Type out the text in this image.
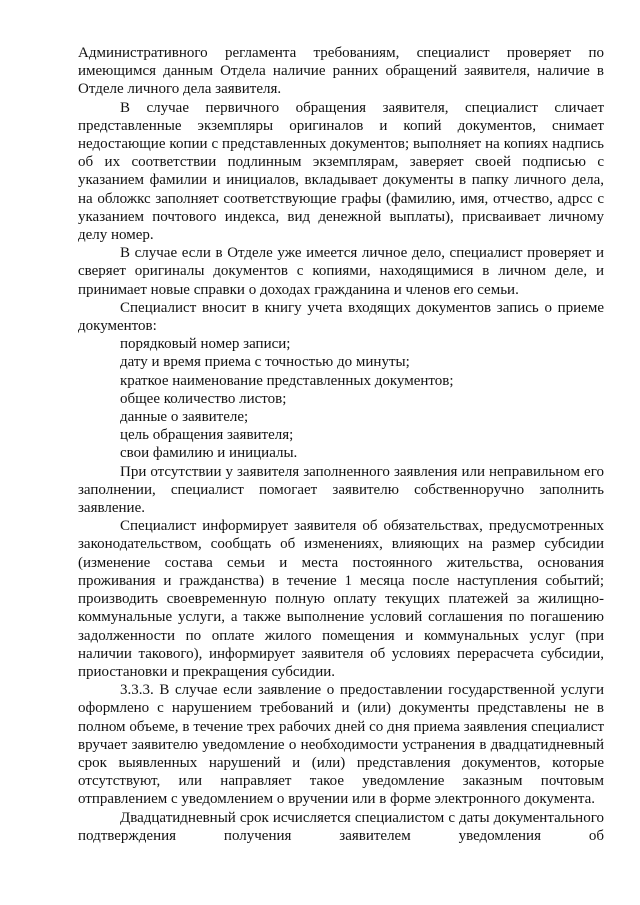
Административного регламента требованиям, специалист проверяет по имеющимся данным Отдела наличие ранних обращений заявителя, наличие в Отделе личного дела заявителя.

В случае первичного обращения заявителя, специалист сличает представленные экземпляры оригиналов и копий документов, снимает недостающие копии с представленных документов; выполняет на копиях надпись об их соответствии подлинным экземплярам, заверяет своей подписью с указанием фамилии и инициалов, вкладывает документы в папку личного дела, на обложкс заполняет соответствующие графы (фамилию, имя, отчество, адрсс с указанием почтового индекса, вид денежной выплаты), присваивает личному делу номер.

В случае если в Отделе уже имеется личное дело, специалист проверяет и сверяет оригиналы документов с копиями, находящимися в личном деле, и принимает новые справки о доходах гражданина и членов его семьи.

Специалист вносит в книгу учета входящих документов запись о приеме документов:

порядковый номер записи;

дату и время приема с точностью до минуты;

краткое наименование представленных документов;

общее количество листов;

данные о заявителе;

цель обращения заявителя;

свои фамилию и инициалы.

При отсутствии у заявителя заполненного заявления или неправильном его заполнении, специалист помогает заявителю собственноручно заполнить заявление.

Специалист информирует заявителя об обязательствах, предусмотренных законодательством, сообщать об изменениях, влияющих на размер субсидии (изменение состава семьи и места постоянного жительства, основания проживания и гражданства) в течение 1 месяца после наступления событий; производить своевременную полную оплату текущих платежей за жилищно-коммунальные услуги, а также выполнение условий соглашения по погашению задолженности по оплате жилого помещения и коммунальных услуг (при наличии такового), информирует заявителя об условиях перерасчета субсидии, приостановки и прекращения субсидии.

3.3.3. В случае если заявление о предоставлении государственной услуги оформлено с нарушением требований и (или) документы представлены не в полном объеме, в течение трех рабочих дней со дня приема заявления специалист вручает заявителю уведомление о необходимости устранения в двадцатидневный срок выявленных нарушений и (или) представления документов, которые отсутствуют, или направляет такое уведомление заказным почтовым отправлением с уведомлением о вручении или в форме электронного документа.

Двадцатидневный срок исчисляется специалистом с даты документального подтверждения получения заявителем уведомления об
